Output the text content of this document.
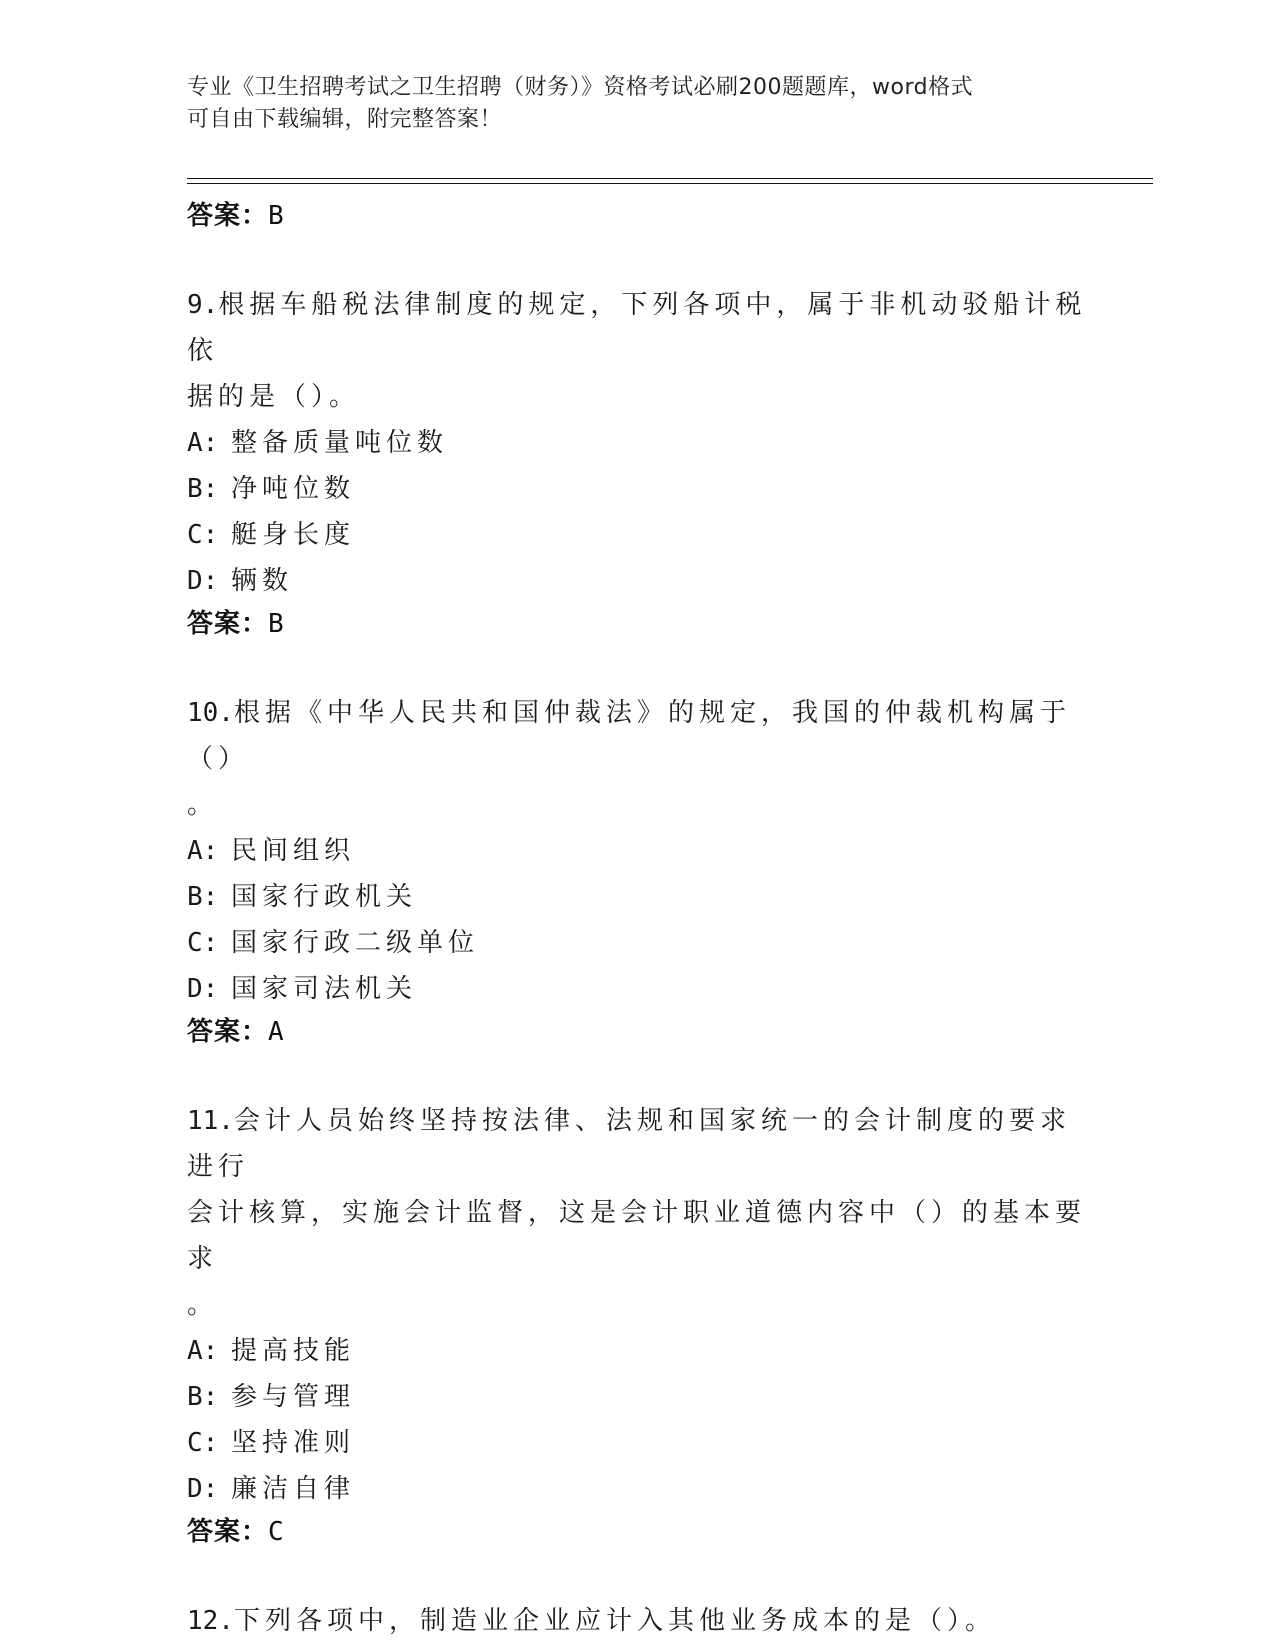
专业《卫生招聘考试之卫生招聘（财务）》资格考试必刷200题题库，word格式
可自由下载编辑，附完整答案！
答案：B

9.根据车船税法律制度的规定，下列各项中，属于非机动驳船计税依

据的是（）。

A: 整备质量吨位数

B: 净吨位数

C: 艇身长度

D: 辆数

答案：B

10.根据《中华人民共和国仲裁法》的规定，我国的仲裁机构属于（）

。

A: 民间组织

B: 国家行政机关

C: 国家行政二级单位

D: 国家司法机关

答案：A

11.会计人员始终坚持按法律、法规和国家统一的会计制度的要求进行

会计核算，实施会计监督，这是会计职业道德内容中（）的基本要求

。

A: 提高技能

B: 参与管理

C: 坚持准则

D: 廉洁自律

答案：C

12.下列各项中，制造业企业应计入其他业务成本的是（）。
